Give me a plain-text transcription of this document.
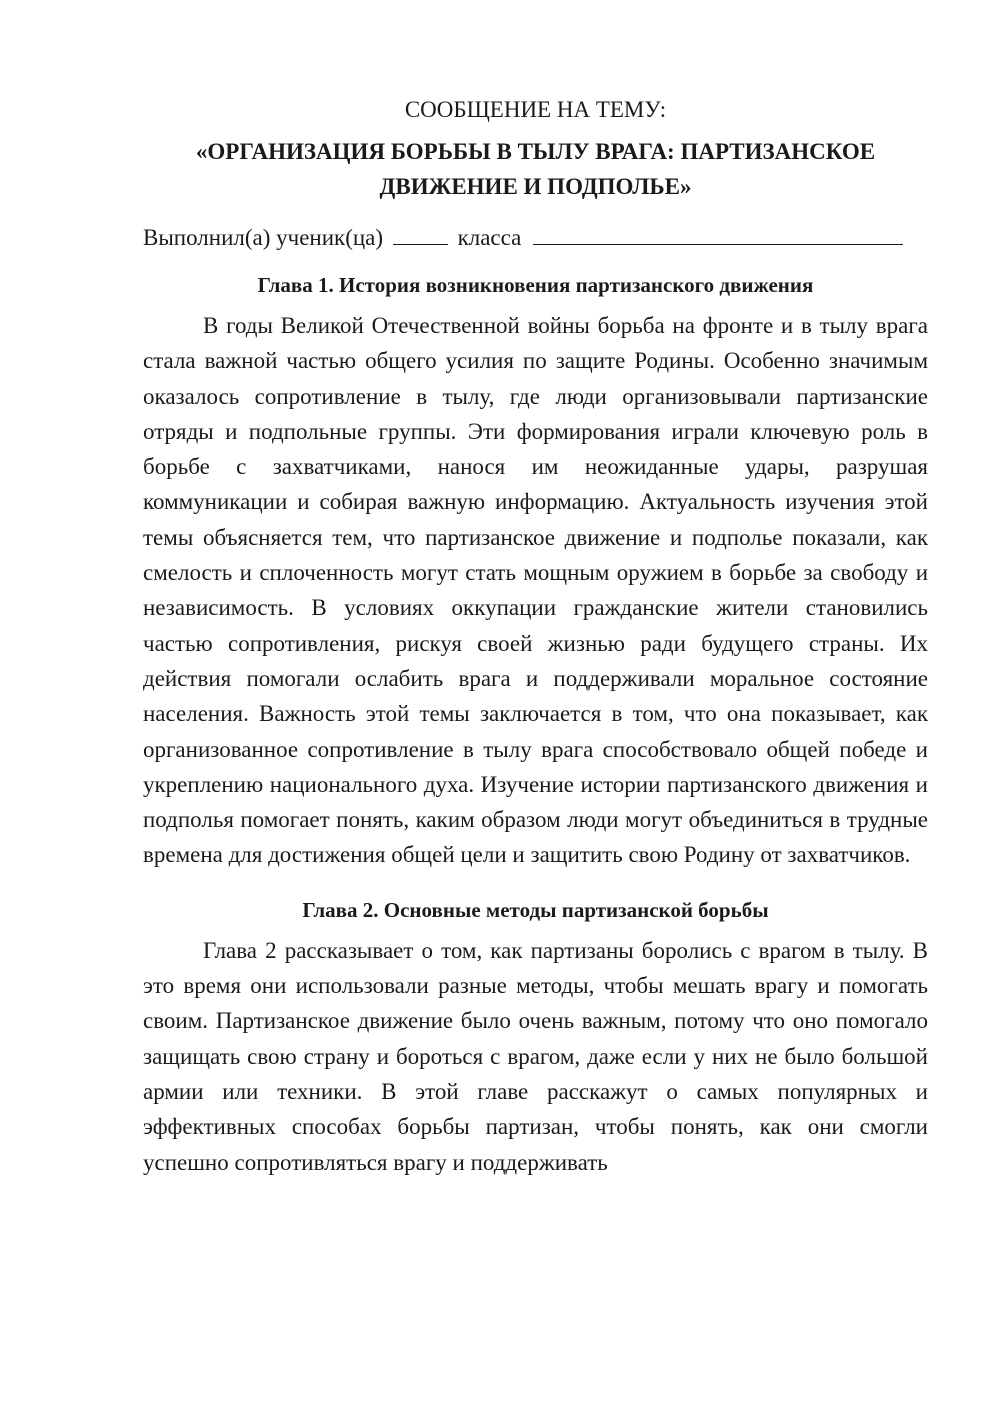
СООБЩЕНИЕ НА ТЕМУ:
«ОРГАНИЗАЦИЯ БОРЬБЫ В ТЫЛУ ВРАГА: ПАРТИЗАНСКОЕ ДВИЖЕНИЕ И ПОДПОЛЬЕ»
Выполнил(а) ученик(ца)	класса
Глава 1. История возникновения партизанского движения

В годы Великой Отечественной войны борьба на фронте и в тылу врага стала важной частью общего усилия по защите Родины. Особенно значимым оказалось сопротивление в тылу, где люди организовывали партизанские отряды и подпольные группы. Эти формирования играли ключевую роль в борьбе с захватчиками, нанося им неожиданные удары, разрушая коммуникации и собирая важную информацию. Актуальность изучения этой темы объясняется тем, что партизанское движение и подполье показали, как смелость и сплоченность могут стать мощным оружием в борьбе за свободу и независимость. В условиях оккупации гражданские жители становились частью сопротивления, рискуя своей жизнью ради будущего страны. Их действия помогали ослабить врага и поддерживали моральное состояние населения. Важность этой темы заключается в том, что она показывает, как организованное сопротивление в тылу врага способствовало общей победе и укреплению национального духа. Изучение истории партизанского движения и подполья помогает понять, каким образом люди могут объединиться в трудные времена для достижения общей цели и защитить свою Родину от захватчиков.

Глава 2. Основные методы партизанской борьбы

Глава 2 рассказывает о том, как партизаны боролись с врагом в тылу. В это время они использовали разные методы, чтобы мешать врагу и помогать своим. Партизанское движение было очень важным, потому что оно помогало защищать свою страну и бороться с врагом, даже если у них не было большой армии или техники. В этой главе расскажут о самых популярных и эффективных способах борьбы партизан, чтобы понять, как они смогли успешно сопротивляться врагу и поддерживать
